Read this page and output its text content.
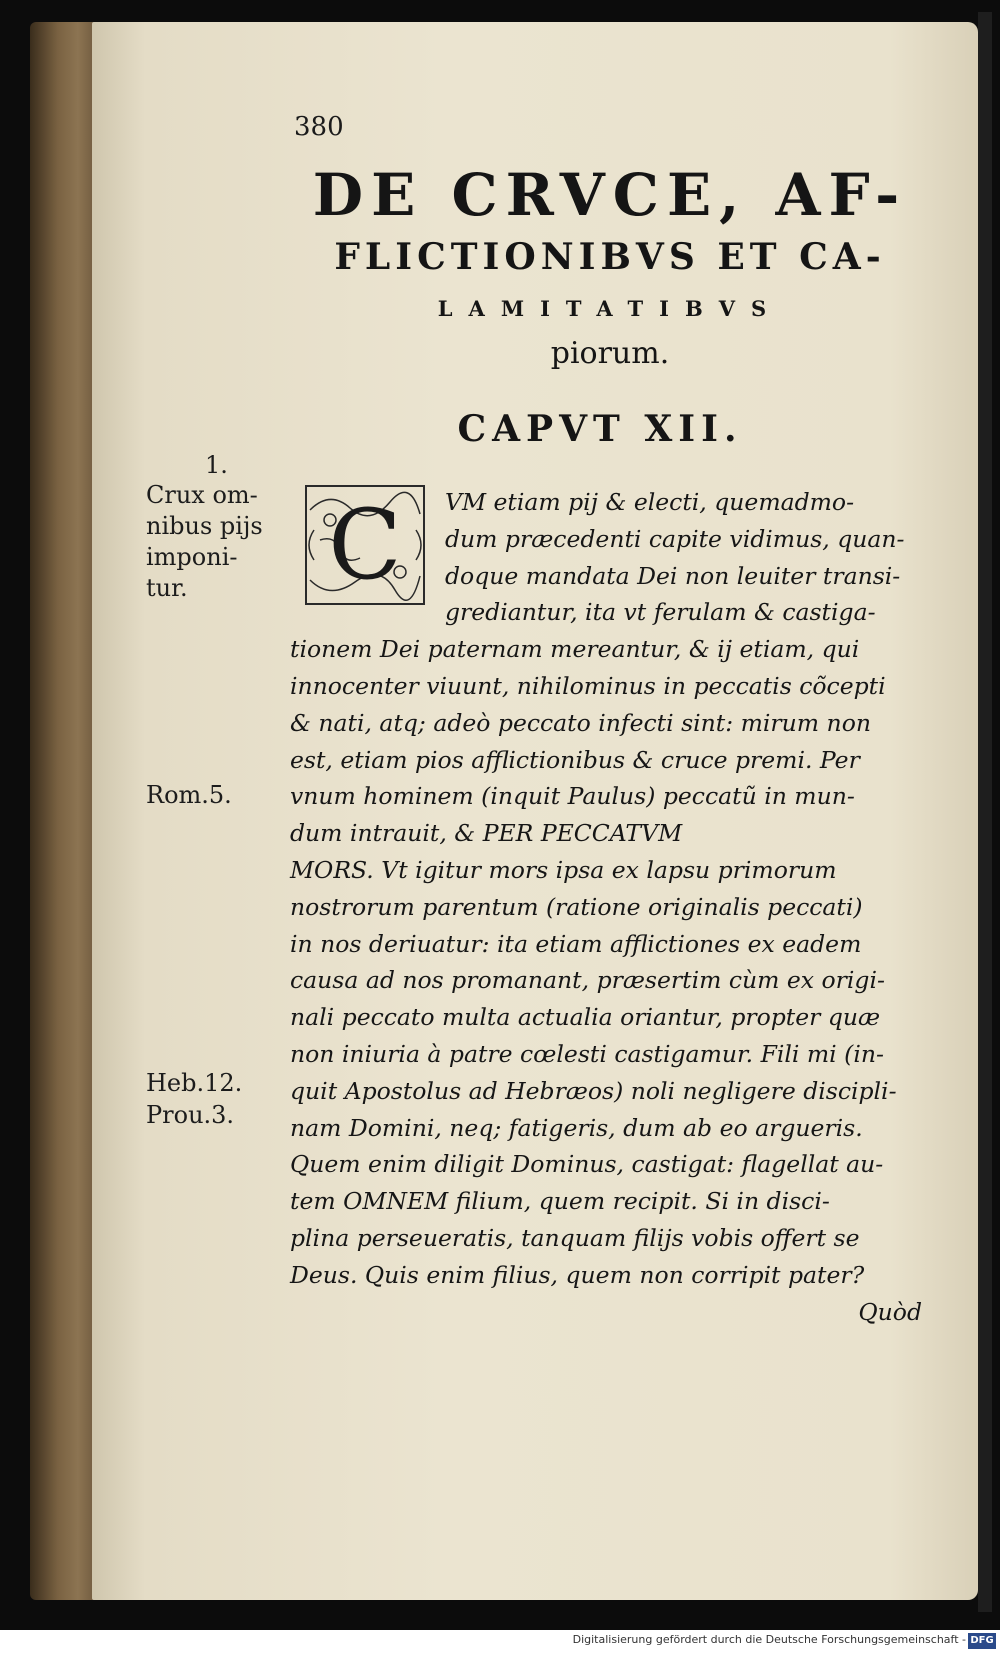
380
DE CRVCE, AF-
FLICTIONIBVS ET CA-
LAMITATIBVS
piorum.
CAPVT XII.
1.
Crux om-
nibus pijs
imponi-
tur.
Rom.5.
Heb.12.
Prou.3.
C	VM etiam pij & electi, quemadmo-
dum præcedenti capite vidimus, quan-
doque mandata Dei non leuiter transi-
grediantur, ita vt ferulam & castiga-
tionem Dei paternam mereantur, & ij etiam, qui
innocenter viuunt, nihilominus in peccatis cõcepti
& nati, atq; adeò peccato infecti sint: mirum non
est, etiam pios afflictionibus & cruce premi. Per
vnum hominem (inquit Paulus) peccatũ in mun-
dum intrauit, & PER PECCATVM
MORS. Vt igitur mors ipsa ex lapsu primorum
nostrorum parentum (ratione originalis peccati)
in nos deriuatur: ita etiam afflictiones ex eadem
causa ad nos promanant, præsertim cùm ex origi-
nali peccato multa actualia oriantur, propter quæ
non iniuria à patre cœlesti castigamur. Fili mi (in-
quit Apostolus ad Hebræos) noli negligere discipli-
nam Domini, neq; fatigeris, dum ab eo argueris.
Quem enim diligit Dominus, castigat: flagellat au-
tem OMNEM filium, quem recipit. Si in disci-
plina perseueratis, tanquam filijs vobis offert se
Deus. Quis enim filius, quem non corripit pater?
Quòd
Digitalisierung gefördert durch die Deutsche Forschungsgemeinschaft - DFG
